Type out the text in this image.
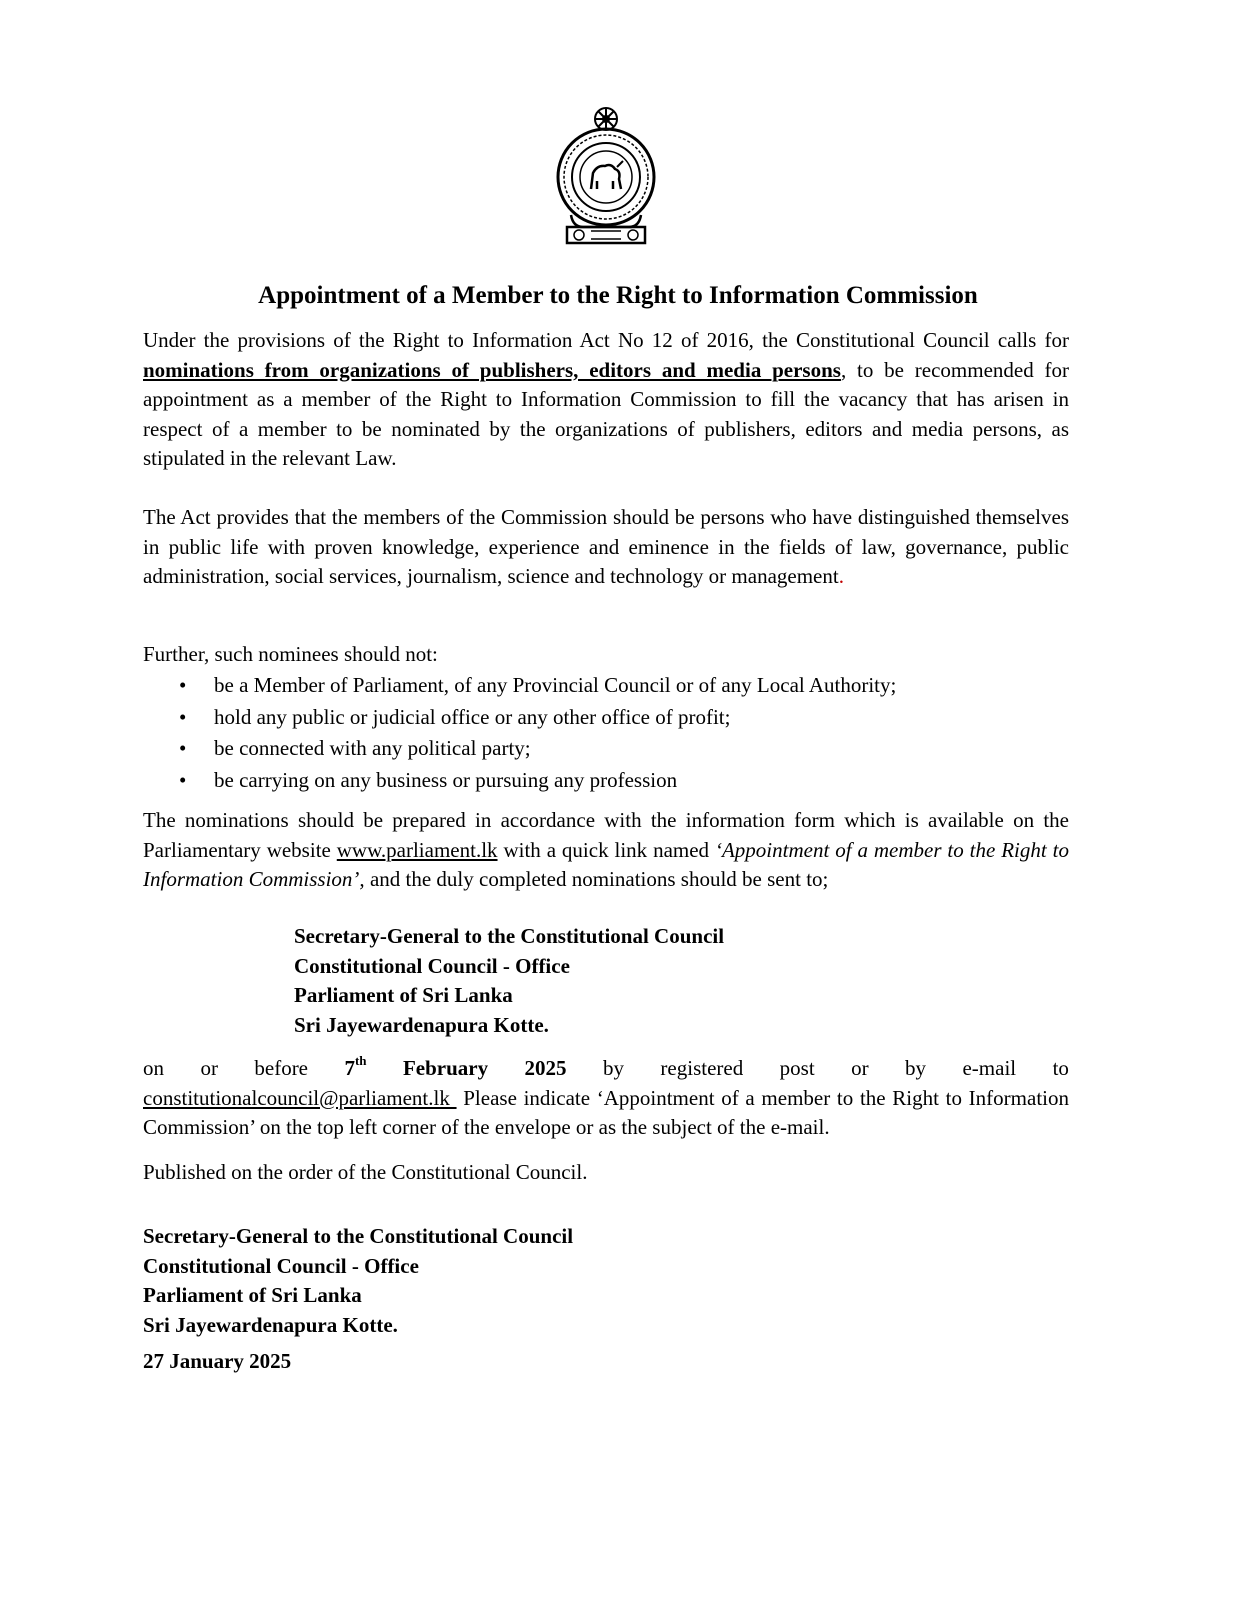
Appointment of a Member to the Right to Information Commission
Under the provisions of the Right to Information Act No 12 of 2016, the Constitutional Council calls for nominations from organizations of publishers, editors and media persons, to be recommended for appointment as a member of the Right to Information Commission to fill the vacancy that has arisen in respect of a member to be nominated by the organizations of publishers, editors and media persons, as stipulated in the relevant Law.
The Act provides that the members of the Commission should be persons who have distinguished themselves in public life with proven knowledge, experience and eminence in the fields of law, governance, public administration, social services, journalism, science and technology or management.
Further, such nominees should not:
• be a Member of Parliament, of any Provincial Council or of any Local Authority;
• hold any public or judicial office or any other office of profit;
• be connected with any political party;
• be carrying on any business or pursuing any profession
The nominations should be prepared in accordance with the information form which is available on the Parliamentary website www.parliament.lk with a quick link named ‘Appointment of a member to the Right to Information Commission’, and the duly completed nominations should be sent to;
Secretary-General to the Constitutional Council
Constitutional Council - Office
Parliament of Sri Lanka
Sri Jayewardenapura Kotte.
on or before 7th February 2025 by registered post or by e-mail to
constitutionalcouncil@parliament.lk  Please indicate ‘Appointment of a member to the Right to Information Commission’ on the top left corner of the envelope or as the subject of the e-mail.
Published on the order of the Constitutional Council.
Secretary-General to the Constitutional Council
Constitutional Council - Office
Parliament of Sri Lanka
Sri Jayewardenapura Kotte.
27 January 2025
